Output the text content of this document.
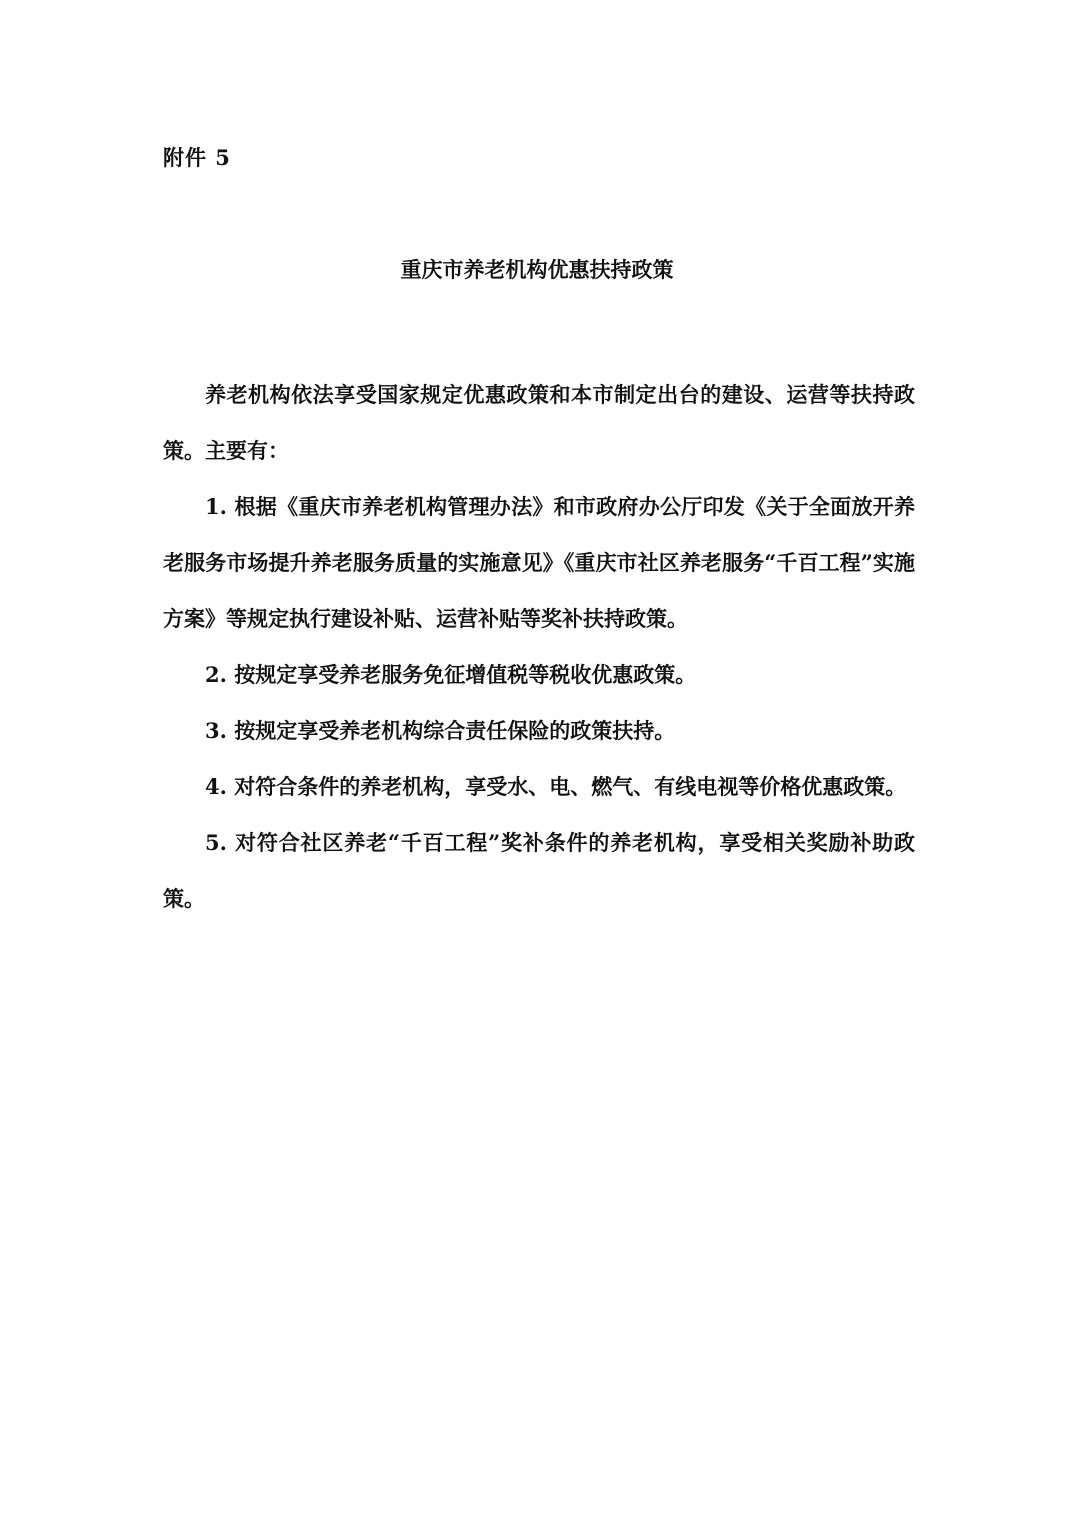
附件 5
重庆市养老机构优惠扶持政策

养老机构依法享受国家规定优惠政策和本市制定出台的建设、运营等扶持政策。主要有：

1. 根据《重庆市养老机构管理办法》和市政府办公厅印发《关于全面放开养老服务市场提升养老服务质量的实施意见》《重庆市社区养老服务“千百工程”实施方案》等规定执行建设补贴、运营补贴等奖补扶持政策。

2. 按规定享受养老服务免征增值税等税收优惠政策。

3. 按规定享受养老机构综合责任保险的政策扶持。

4. 对符合条件的养老机构，享受水、电、燃气、有线电视等价格优惠政策。

5. 对符合社区养老“千百工程”奖补条件的养老机构，享受相关奖励补助政策。
